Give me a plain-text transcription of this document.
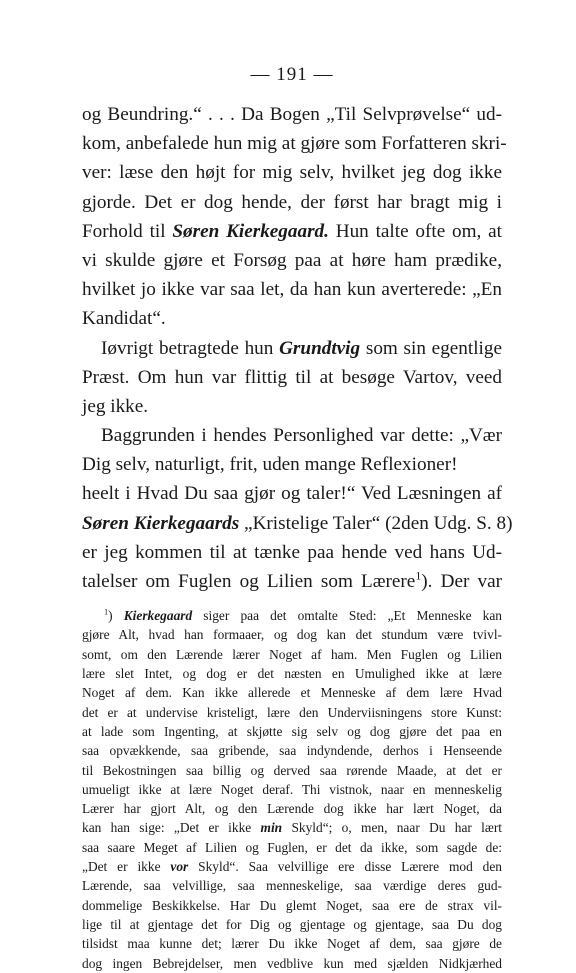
— 191 —
og Beundring.“ . . . Da Bogen „Til Selvprøvelse“ ud-
kom, anbefalede hun mig at gjøre som Forfatteren skri-
ver: læse den højt for mig selv, hvilket jeg dog ikke
gjorde. Det er dog hende, der først har bragt mig i
Forhold til Søren Kierkegaard. Hun talte ofte om, at
vi skulde gjøre et Forsøg paa at høre ham prædike,
hvilket jo ikke var saa let, da han kun averterede: „En
Kandidat“.
Iøvrigt betragtede hun Grundtvig som sin egentlige
Præst. Om hun var flittig til at besøge Vartov, veed
jeg ikke.
Baggrunden i hendes Personlighed var dette: „Vær
Dig selv, naturligt, frit, uden mange Reflexioner!
heelt i Hvad Du saa gjør og taler!“ Ved Læsningen af
Søren Kierkegaards „Kristelige Taler“ (2den Udg. S. 8)
er jeg kommen til at tænke paa hende ved hans Ud-
talelser om Fuglen og Lilien som Lærere$^1$). Der var
$^1$) Kierkegaard siger paa det omtalte Sted: „Et Menneske kan
gjøre Alt, hvad han formaaer, og dog kan det stundum være tvivl-
somt, om den Lærende lærer Noget af ham. Men Fuglen og Lilien
lære slet Intet, og dog er det næsten en Umulighed ikke at lære
Noget af dem. Kan ikke allerede et Menneske af dem lære Hvad
det er at undervise kristeligt, lære den Underviisningens store Kunst:
at lade som Ingenting, at skjøtte sig selv og dog gjøre det paa en
saa opvækkende, saa gribende, saa indyndende, derhos i Henseende
til Bekostningen saa billig og derved saa rørende Maade, at det er
umueligt ikke at lære Noget deraf. Thi vistnok, naar en menneskelig
Lærer har gjort Alt, og den Lærende dog ikke har lært Noget, da
kan han sige: „Det er ikke min Skyld“; o, men, naar Du har lært
saa saare Meget af Lilien og Fuglen, er det da ikke, som sagde de:
„Det er ikke vor Skyld“. Saa velvillige ere disse Lærere mod den
Lærende, saa velvillige, saa menneskelige, saa værdige deres gud-
dommelige Beskikkelse. Har Du glemt Noget, saa ere de strax vil-
lige til at gjentage det for Dig og gjentage og gjentage, saa Du dog
tilsidst maa kunne det; lærer Du ikke Noget af dem, saa gjøre de
dog ingen Bebrejdelser, men vedblive kun med sjælden Nidkjærhed
